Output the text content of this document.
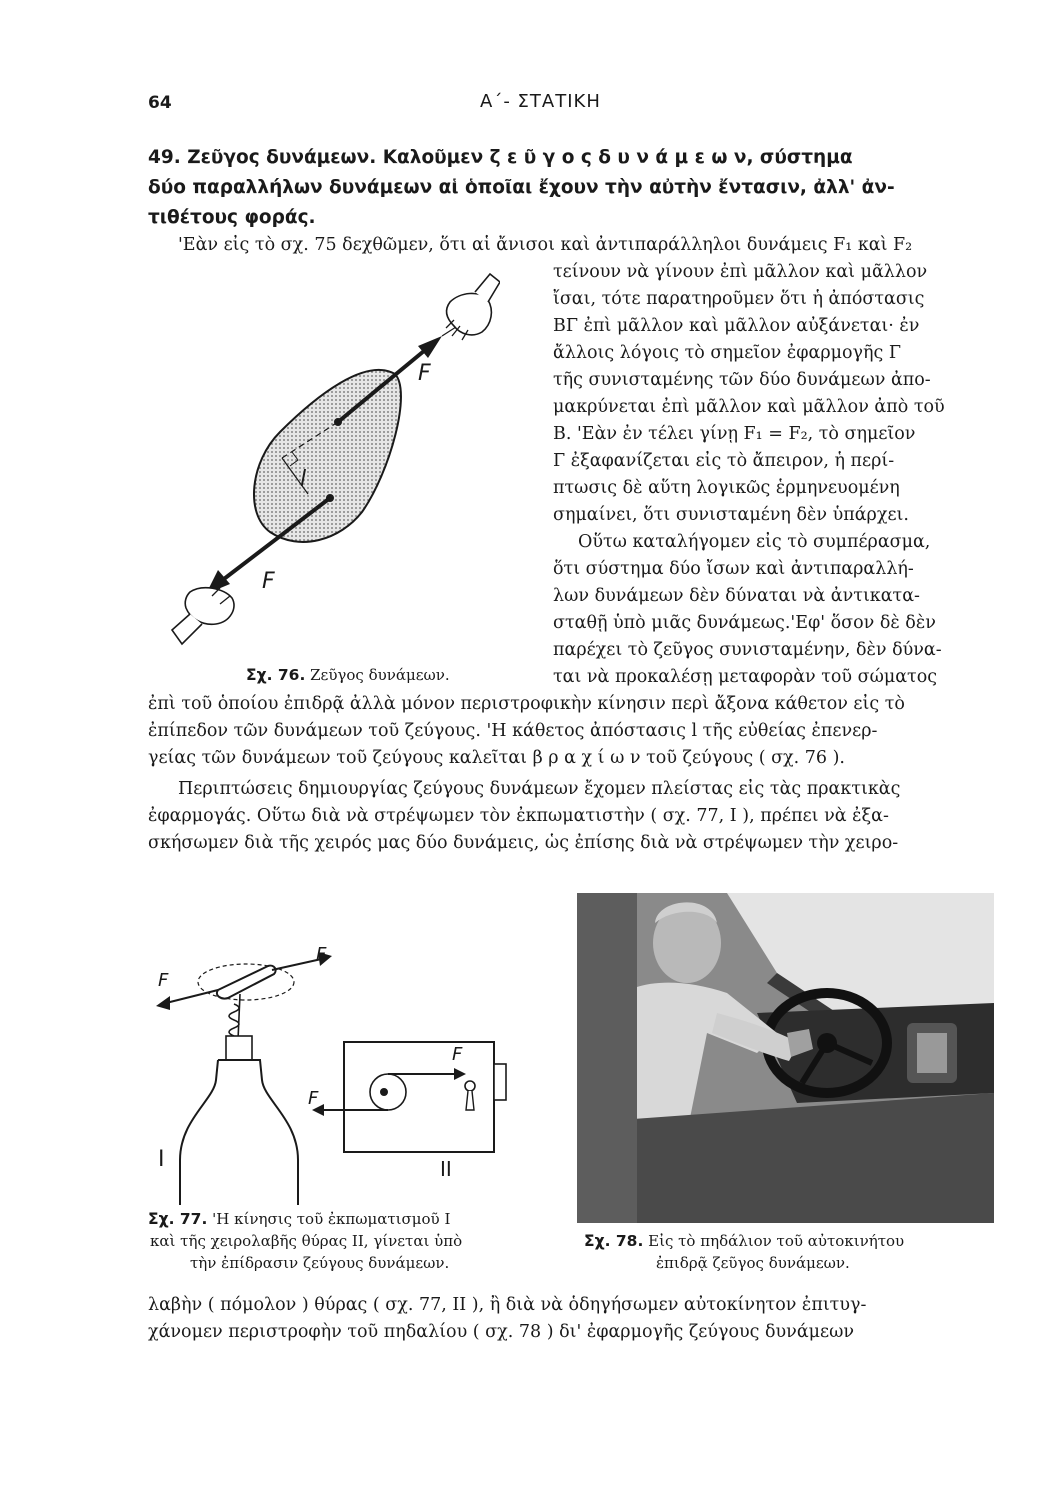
64	Α΄- ΣΤΑΤΙΚΗ
49. Ζεῦγος δυνάμεων. Καλοῦμεν ζ ε ῦ γ ο ς δ υ ν ά μ ε ω ν, σύστημα
δύο παραλλήλων δυνάμεων αἱ ὁποῖαι ἔχουν τὴν αὐτὴν ἔντασιν, ἀλλ' ἀν-
τιθέτους φοράς.
'Εὰν εἰς τὸ σχ. 75 δεχθῶμεν, ὅτι αἱ ἄνισοι καὶ ἀντιπαράλληλοι δυνάμεις F₁ καὶ F₂
τείνουν νὰ γίνουν ἐπὶ μᾶλλον καὶ μᾶλλον
ἴσαι, τότε παρατηροῦμεν ὅτι ἡ ἀπόστασις
ΒΓ ἐπὶ μᾶλλον καὶ μᾶλλον αὐξάνεται· ἐν
ἄλλοις λόγοις τὸ σημεῖον ἐφαρμογῆς Γ
τῆς συνισταμένης τῶν δύο δυνάμεων ἀπο-
μακρύνεται ἐπὶ μᾶλλον καὶ μᾶλλον ἀπὸ τοῦ
Β. 'Εὰν ἐν τέλει γίνῃ F₁ = F₂, τὸ σημεῖον
Γ ἐξαφανίζεται εἰς τὸ ἄπειρον, ἡ περί-
πτωσις δὲ αὕτη λογικῶς ἑρμηνευομένη
σημαίνει, ὅτι συνισταμένη δὲν ὑπάρχει.
Οὕτω καταλήγομεν εἰς τὸ συμπέρασμα,
ὅτι σύστημα δύο ἴσων καὶ ἀντιπαραλλή-
λων δυνάμεων δὲν δύναται νὰ ἀντικατα-
σταθῇ ὑπὸ μιᾶς δυνάμεως.'Εφ' ὅσον δὲ δὲν
παρέχει τὸ ζεῦγος συνισταμένην, δὲν δύνα-
ται νὰ προκαλέσῃ μεταφορὰν τοῦ σώματος
ἐπὶ τοῦ ὁποίου ἐπιδρᾷ ἀλλὰ μόνον περιστροφικὴν κίνησιν περὶ ἄξονα κάθετον εἰς τὸ
ἐπίπεδον τῶν δυνάμεων τοῦ ζεύγους. 'Η κάθετος ἀπόστασις l τῆς εὐθείας ἐπενερ-
γείας τῶν δυνάμεων τοῦ ζεύγους καλεῖται β ρ α χ ί ω ν τοῦ ζεύγους ( σχ. 76 ).
Περιπτώσεις δημιουργίας ζεύγους δυνάμεων ἔχομεν πλείστας εἰς τὰς πρακτικὰς
ἐφαρμογάς. Οὕτω διὰ νὰ στρέψωμεν τὸν ἐκπωματιστὴν ( σχ. 77, I ), πρέπει νὰ ἐξα-
σκήσωμεν διὰ τῆς χειρός μας δύο δυνάμεις, ὡς ἐπίσης διὰ νὰ στρέψωμεν τὴν χειρο-
l
F
F
Σχ. 76. Ζεῦγος δυνάμεων.
F
F
I
F
F
II
Σχ. 77. 'Η κίνησις τοῦ ἐκπωματισμοῦ I
καὶ τῆς χειρολαβῆς θύρας II, γίνεται ὑπὸ
τὴν ἐπίδρασιν ζεύγους δυνάμεων.
Σχ. 78. Εἰς τὸ πηδάλιον τοῦ αὐτοκινήτου
ἐπιδρᾷ ζεῦγος δυνάμεων.
λαβὴν ( πόμολον ) θύρας ( σχ. 77, II ), ἢ διὰ νὰ ὁδηγήσωμεν αὐτοκίνητον ἐπιτυγ-
χάνομεν περιστροφὴν τοῦ πηδαλίου ( σχ. 78 ) δι' ἐφαρμογῆς ζεύγους δυνάμεων
